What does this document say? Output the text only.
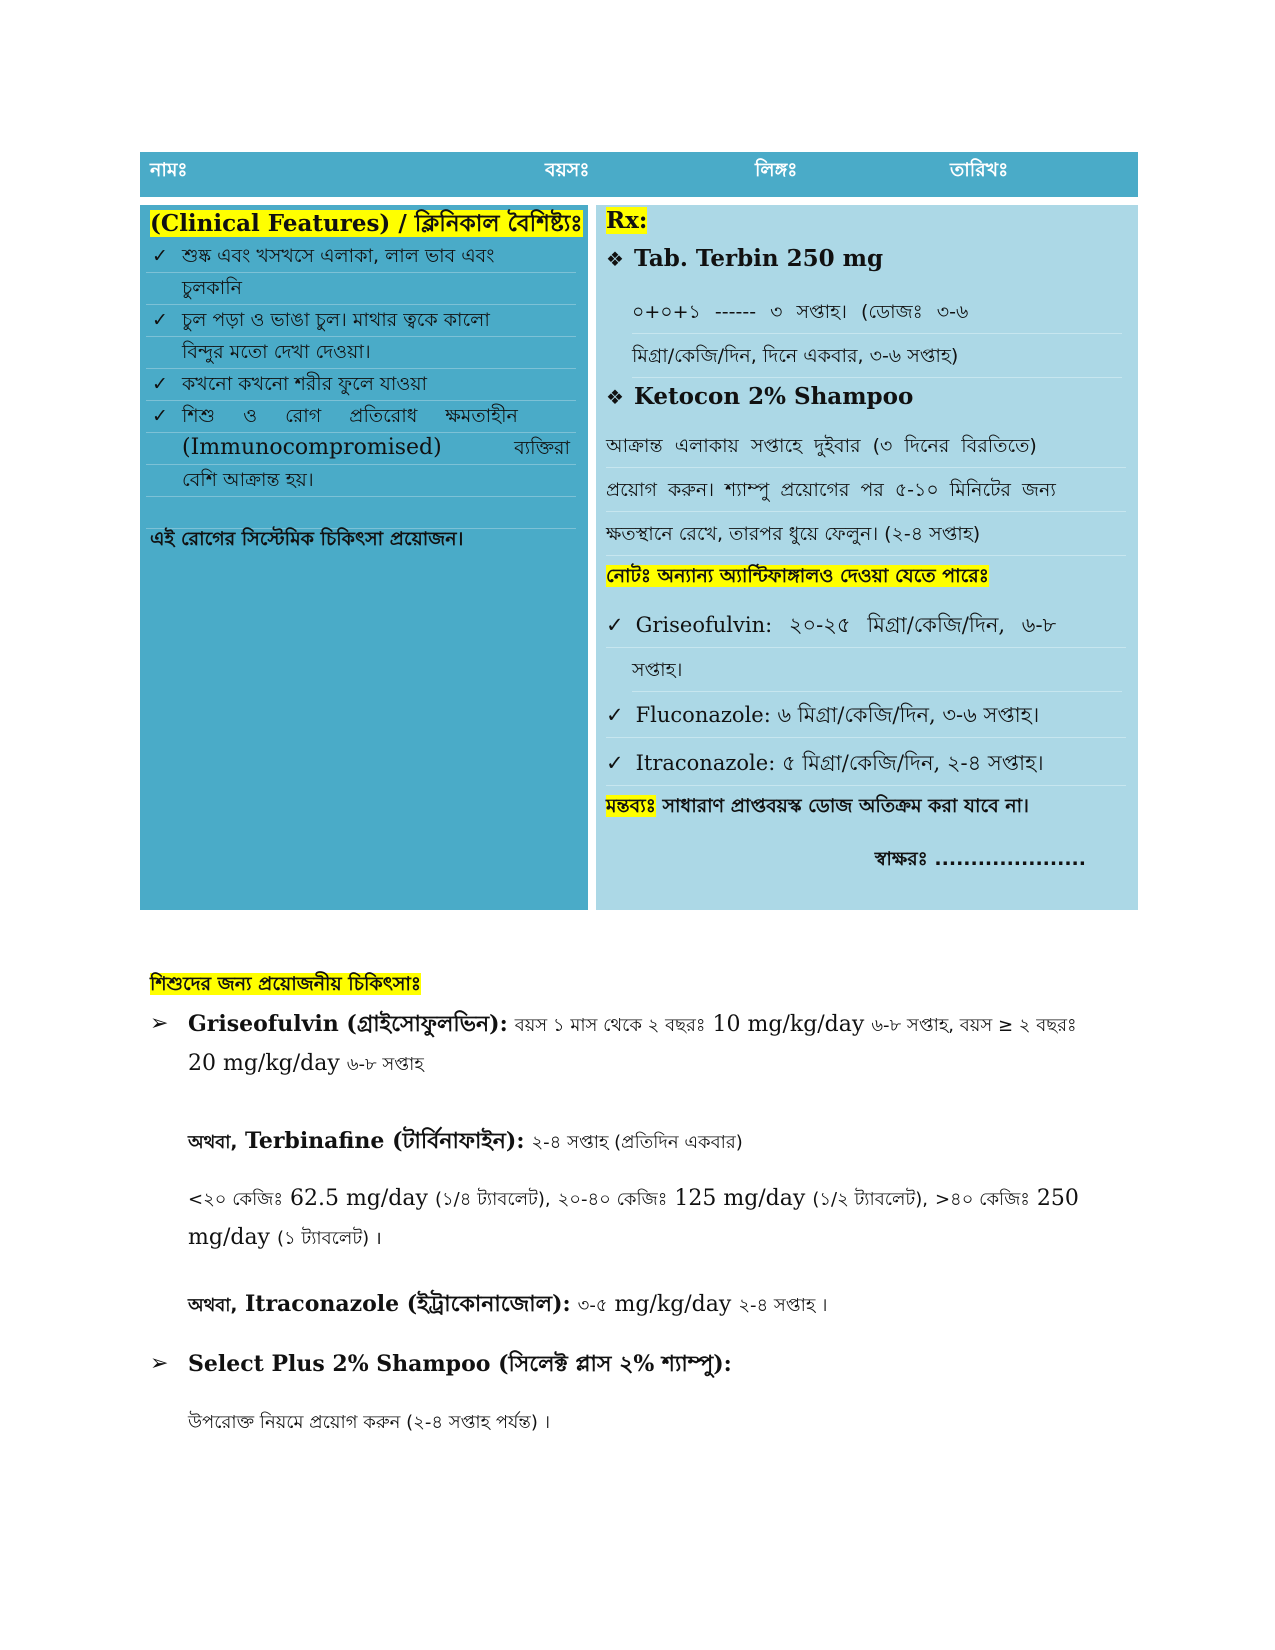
নামঃ	বয়সঃ	লিঙ্গঃ	তারিখঃ
(Clinical Features) / ক্লিনিকাল বৈশিষ্ট্যঃ
✓ শুষ্ক এবং খসখসে এলাকা, লাল ভাব এবং
চুলকানি
✓ চুল পড়া ও ভাঙা চুল। মাথার ত্বকে কালো
বিন্দুর মতো দেখা দেওয়া।
✓ কখনো কখনো শরীর ফুলে যাওয়া
✓ শিশু ও রোগ প্রতিরোধ ক্ষমতাহীন
(Immunocompromised)	ব্যক্তিরা
বেশি আক্রান্ত হয়।
এই রোগের সিস্টেমিক চিকিৎসা প্রয়োজন।
Rx:
❖ Tab. Terbin 250 mg
০+০+১ ------ ৩ সপ্তাহ। (ডোজঃ ৩-৬
মিগ্রা/কেজি/দিন, দিনে একবার, ৩-৬ সপ্তাহ)
❖ Ketocon 2% Shampoo
আক্রান্ত এলাকায় সপ্তাহে দুইবার (৩ দিনের বিরতিতে)
প্রয়োগ করুন। শ্যাম্পু প্রয়োগের পর ৫-১০ মিনিটের জন্য
ক্ষতস্থানে রেখে, তারপর ধুয়ে ফেলুন। (২-৪ সপ্তাহ)
নোটঃ অন্যান্য অ্যান্টিফাঙ্গালও দেওয়া যেতে পারেঃ
✓ Griseofulvin: ২০-২৫ মিগ্রা/কেজি/দিন, ৬-৮
সপ্তাহ।
✓ Fluconazole: ৬ মিগ্রা/কেজি/দিন, ৩-৬ সপ্তাহ।
✓ Itraconazole: ৫ মিগ্রা/কেজি/দিন, ২-৪ সপ্তাহ।
মন্তব্যঃ সাধারাণ প্রাপ্তবয়স্ক ডোজ অতিক্রম করা যাবে না।
স্বাক্ষরঃ .....................
শিশুদের জন্য প্রয়োজনীয় চিকিৎসাঃ
➢ Griseofulvin (গ্রাইসোফুলভিন): বয়স ১ মাস থেকে ২ বছরঃ 10 mg/kg/day ৬-৮ সপ্তাহ, বয়স ≥ ২ বছরঃ
20 mg/kg/day ৬-৮ সপ্তাহ
অথবা, Terbinafine (টার্বিনাফাইন): ২-৪ সপ্তাহ (প্রতিদিন একবার)
<২০ কেজিঃ 62.5 mg/day (১/৪ ট্যাবলেট), ২০-৪০ কেজিঃ 125 mg/day (১/২ ট্যাবলেট), >৪০ কেজিঃ 250
mg/day (১ ট্যাবলেট) ।
অথবা, Itraconazole (ইট্রাকোনাজোল): ৩-৫ mg/kg/day ২-৪ সপ্তাহ ।
➢ Select Plus 2% Shampoo (সিলেক্ট প্লাস ২% শ্যাম্পু):
উপরোক্ত নিয়মে প্রয়োগ করুন (২-৪ সপ্তাহ পর্যন্ত) ।
